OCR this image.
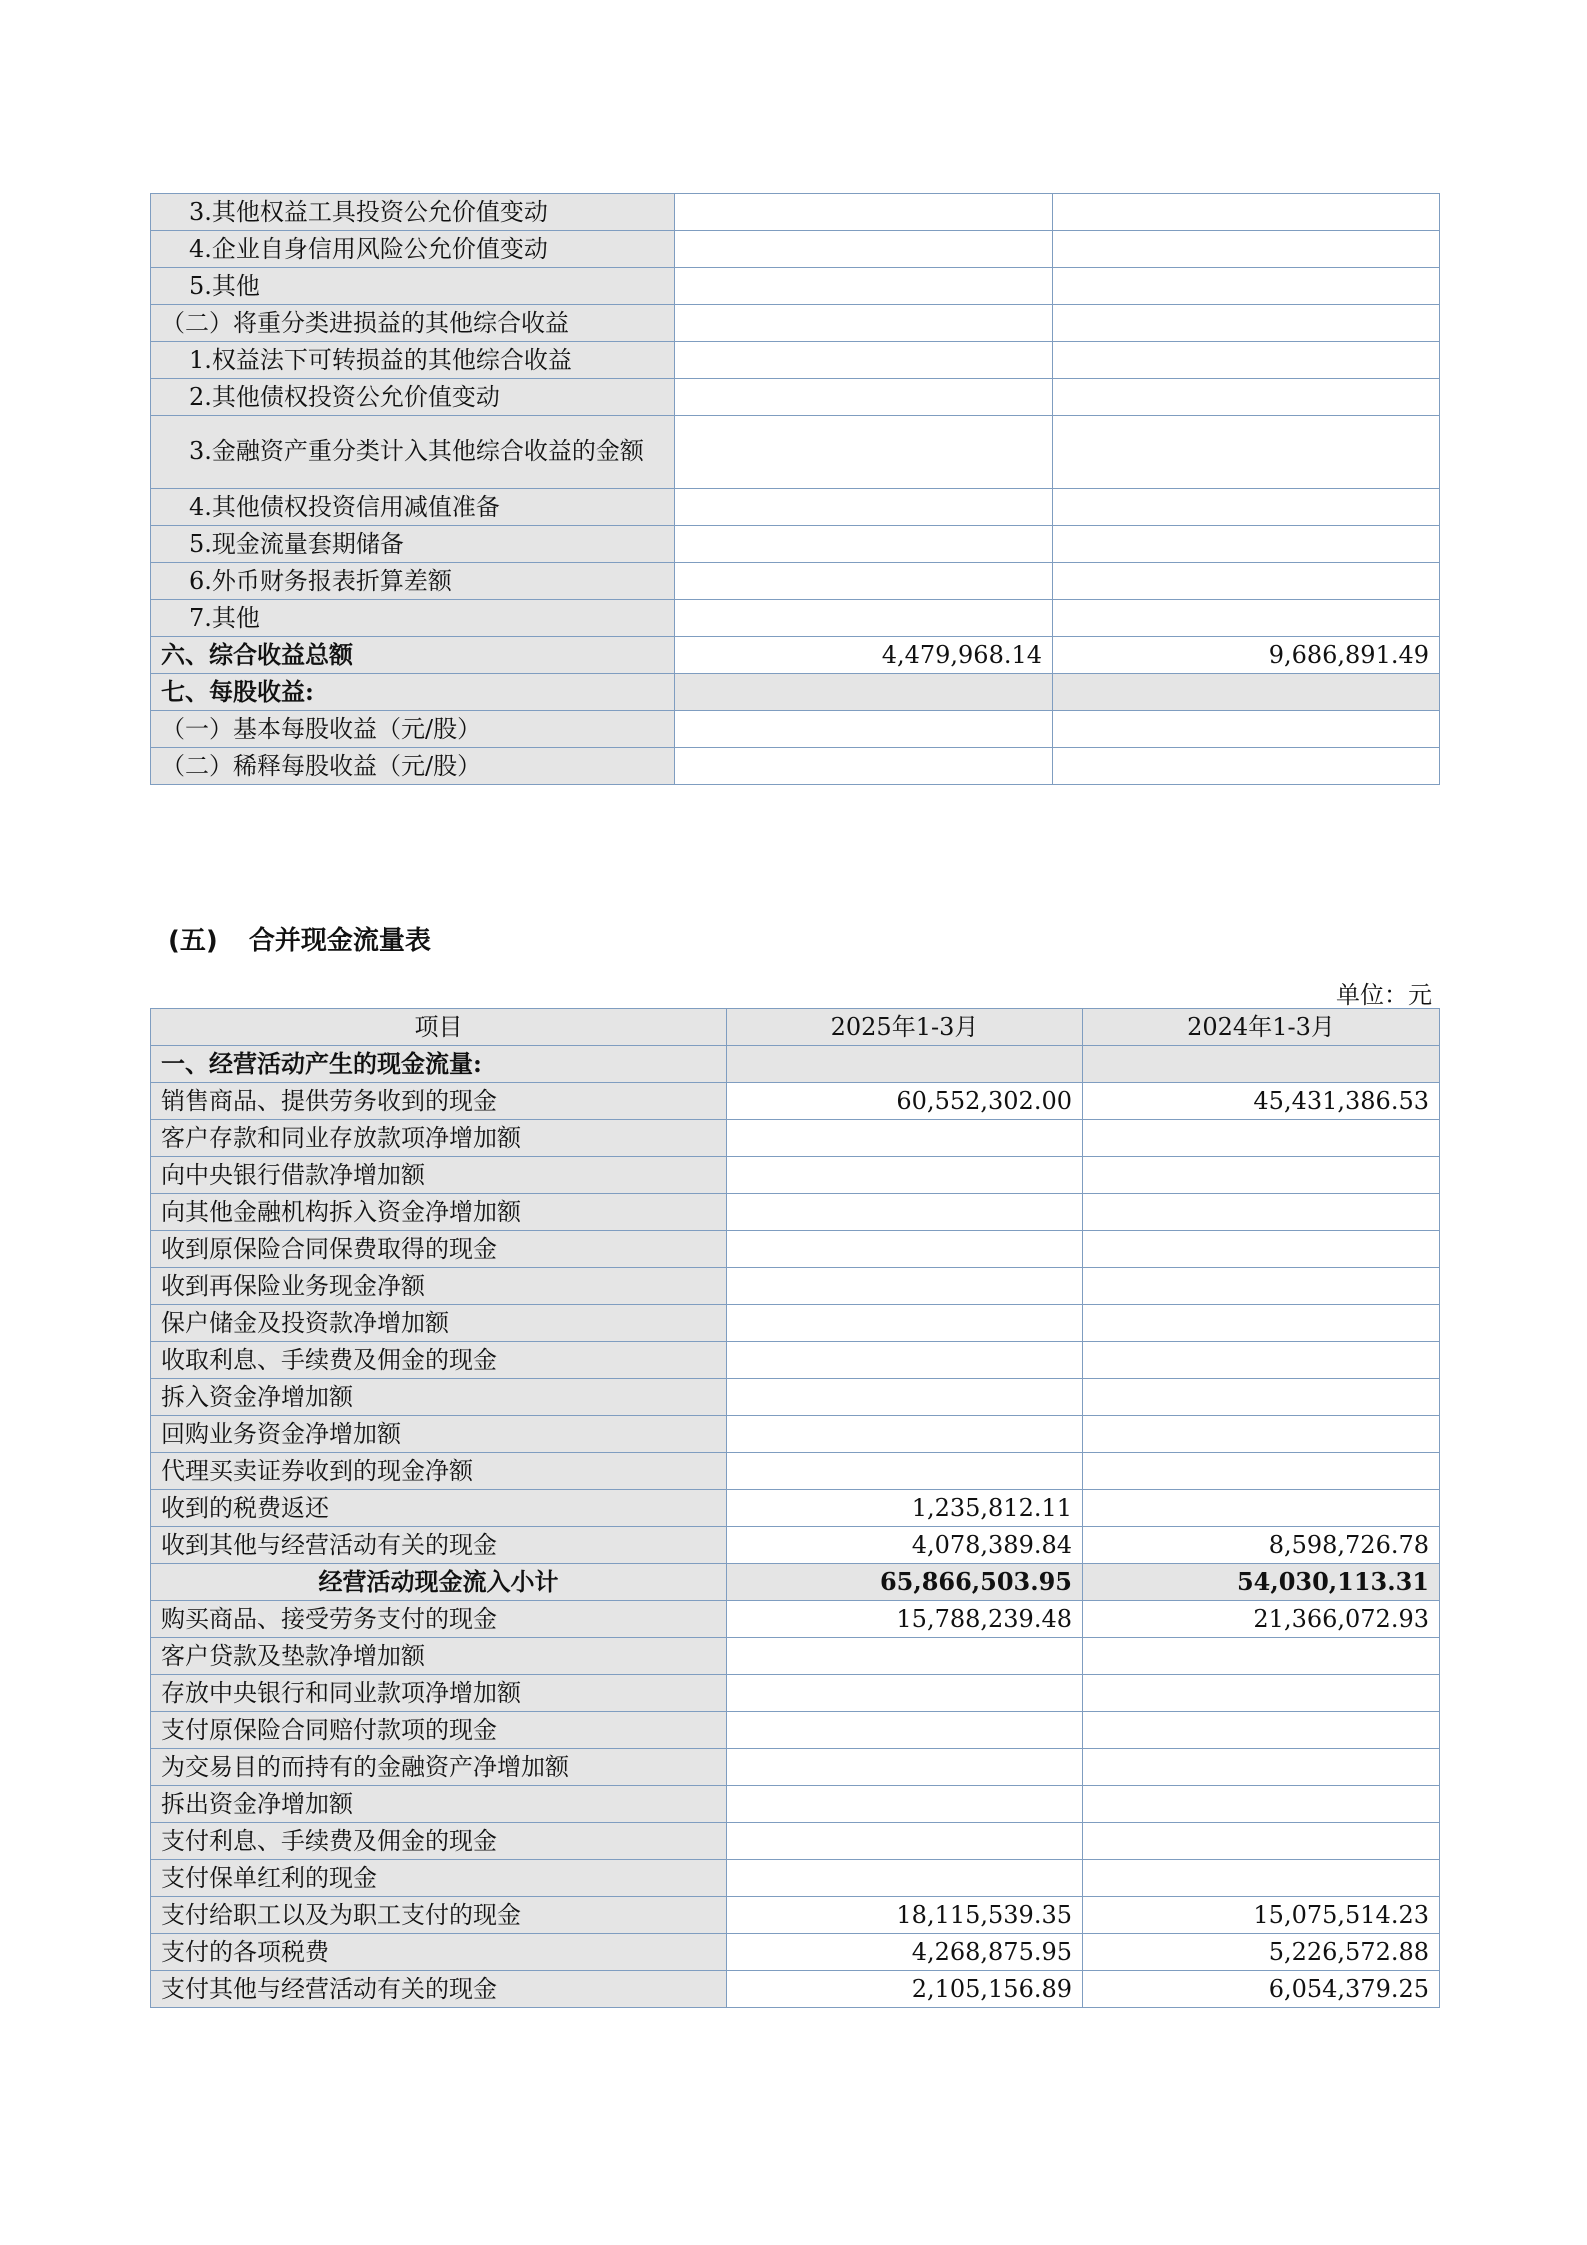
3.其他权益工具投资公允价值变动		
4.企业自身信用风险公允价值变动		
5.其他		
（二）将重分类进损益的其他综合收益		
1.权益法下可转损益的其他综合收益		
2.其他债权投资公允价值变动		
3.金融资产重分类计入其他综合收益的金额		
4.其他债权投资信用减值准备		
5.现金流量套期储备		
6.外币财务报表折算差额		
7.其他		
六、综合收益总额	4,479,968.14	9,686,891.49
七、每股收益:		
（一）基本每股收益（元/股）		
（二）稀释每股收益（元/股）		
(五) 合并现金流量表
单位：元
项目	2025年1-3月	2024年1-3月
一、经营活动产生的现金流量:		
销售商品、提供劳务收到的现金	60,552,302.00	45,431,386.53
客户存款和同业存放款项净增加额		
向中央银行借款净增加额		
向其他金融机构拆入资金净增加额		
收到原保险合同保费取得的现金		
收到再保险业务现金净额		
保户储金及投资款净增加额		
收取利息、手续费及佣金的现金		
拆入资金净增加额		
回购业务资金净增加额		
代理买卖证券收到的现金净额		
收到的税费返还	1,235,812.11	
收到其他与经营活动有关的现金	4,078,389.84	8,598,726.78
经营活动现金流入小计	65,866,503.95	54,030,113.31
购买商品、接受劳务支付的现金	15,788,239.48	21,366,072.93
客户贷款及垫款净增加额		
存放中央银行和同业款项净增加额		
支付原保险合同赔付款项的现金		
为交易目的而持有的金融资产净增加额		
拆出资金净增加额		
支付利息、手续费及佣金的现金		
支付保单红利的现金		
支付给职工以及为职工支付的现金	18,115,539.35	15,075,514.23
支付的各项税费	4,268,875.95	5,226,572.88
支付其他与经营活动有关的现金	2,105,156.89	6,054,379.25
